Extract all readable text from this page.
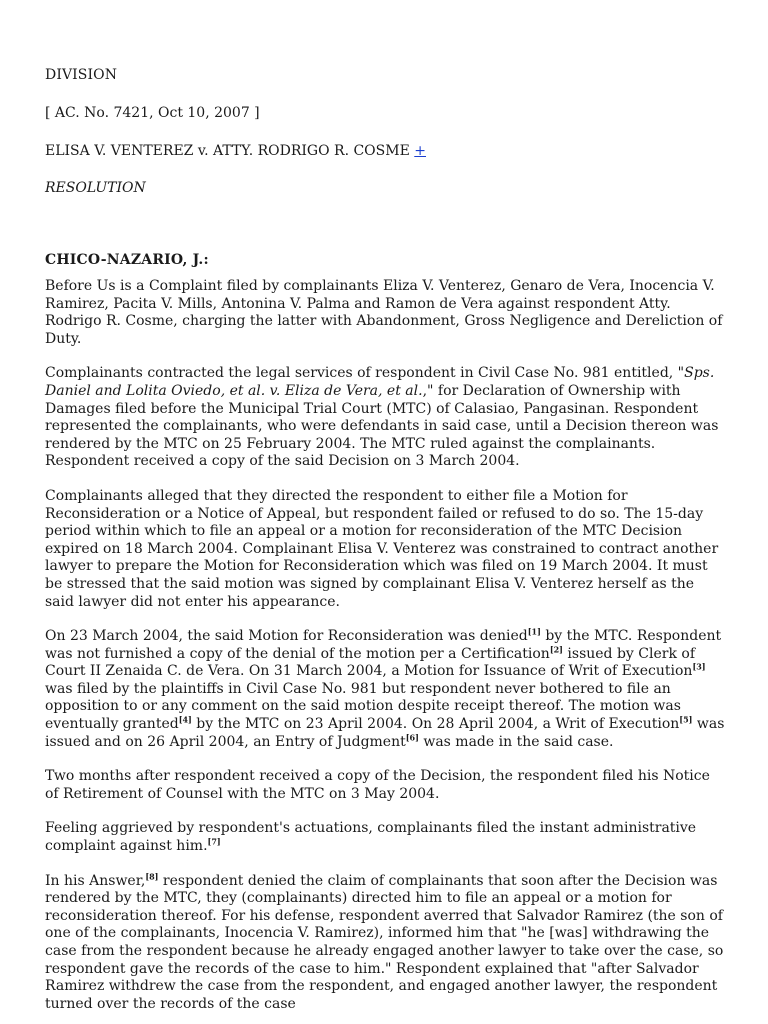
DIVISION
[ AC. No. 7421, Oct 10, 2007 ]
ELISA V. VENTEREZ v. ATTY. RODRIGO R. COSME +
RESOLUTION
CHICO-NAZARIO, J.:

Before Us is a Complaint filed by complainants Eliza V. Venterez, Genaro de Vera, Inocencia V. Ramirez, Pacita V. Mills, Antonina V. Palma and Ramon de Vera against respondent Atty. Rodrigo R. Cosme, charging the latter with Abandonment, Gross Negligence and Dereliction of Duty.

Complainants contracted the legal services of respondent in Civil Case No. 981 entitled, "Sps. Daniel and Lolita Oviedo, et al. v. Eliza de Vera, et al.," for Declaration of Ownership with Damages filed before the Municipal Trial Court (MTC) of Calasiao, Pangasinan. Respondent represented the complainants, who were defendants in said case, until a Decision thereon was rendered by the MTC on 25 February 2004. The MTC ruled against the complainants. Respondent received a copy of the said Decision on 3 March 2004.

Complainants alleged that they directed the respondent to either file a Motion for Reconsideration or a Notice of Appeal, but respondent failed or refused to do so. The 15-day period within which to file an appeal or a motion for reconsideration of the MTC Decision expired on 18 March 2004. Complainant Elisa V. Venterez was constrained to contract another lawyer to prepare the Motion for Reconsideration which was filed on 19 March 2004. It must be stressed that the said motion was signed by complainant Elisa V. Venterez herself as the said lawyer did not enter his appearance.

On 23 March 2004, the said Motion for Reconsideration was denied[1] by the MTC. Respondent was not furnished a copy of the denial of the motion per a Certification[2] issued by Clerk of Court II Zenaida C. de Vera. On 31 March 2004, a Motion for Issuance of Writ of Execution[3] was filed by the plaintiffs in Civil Case No. 981 but respondent never bothered to file an opposition to or any comment on the said motion despite receipt thereof. The motion was eventually granted[4] by the MTC on 23 April 2004. On 28 April 2004, a Writ of Execution[5] was issued and on 26 April 2004, an Entry of Judgment[6] was made in the said case.

Two months after respondent received a copy of the Decision, the respondent filed his Notice of Retirement of Counsel with the MTC on 3 May 2004.

Feeling aggrieved by respondent's actuations, complainants filed the instant administrative complaint against him.[7]

In his Answer,[8] respondent denied the claim of complainants that soon after the Decision was rendered by the MTC, they (complainants) directed him to file an appeal or a motion for reconsideration thereof. For his defense, respondent averred that Salvador Ramirez (the son of one of the complainants, Inocencia V. Ramirez), informed him that "he [was] withdrawing the case from the respondent because he already engaged another lawyer to take over the case, so respondent gave the records of the case to him." Respondent explained that "after Salvador Ramirez withdrew the case from the respondent, and engaged another lawyer, the respondent turned over the records of the case
